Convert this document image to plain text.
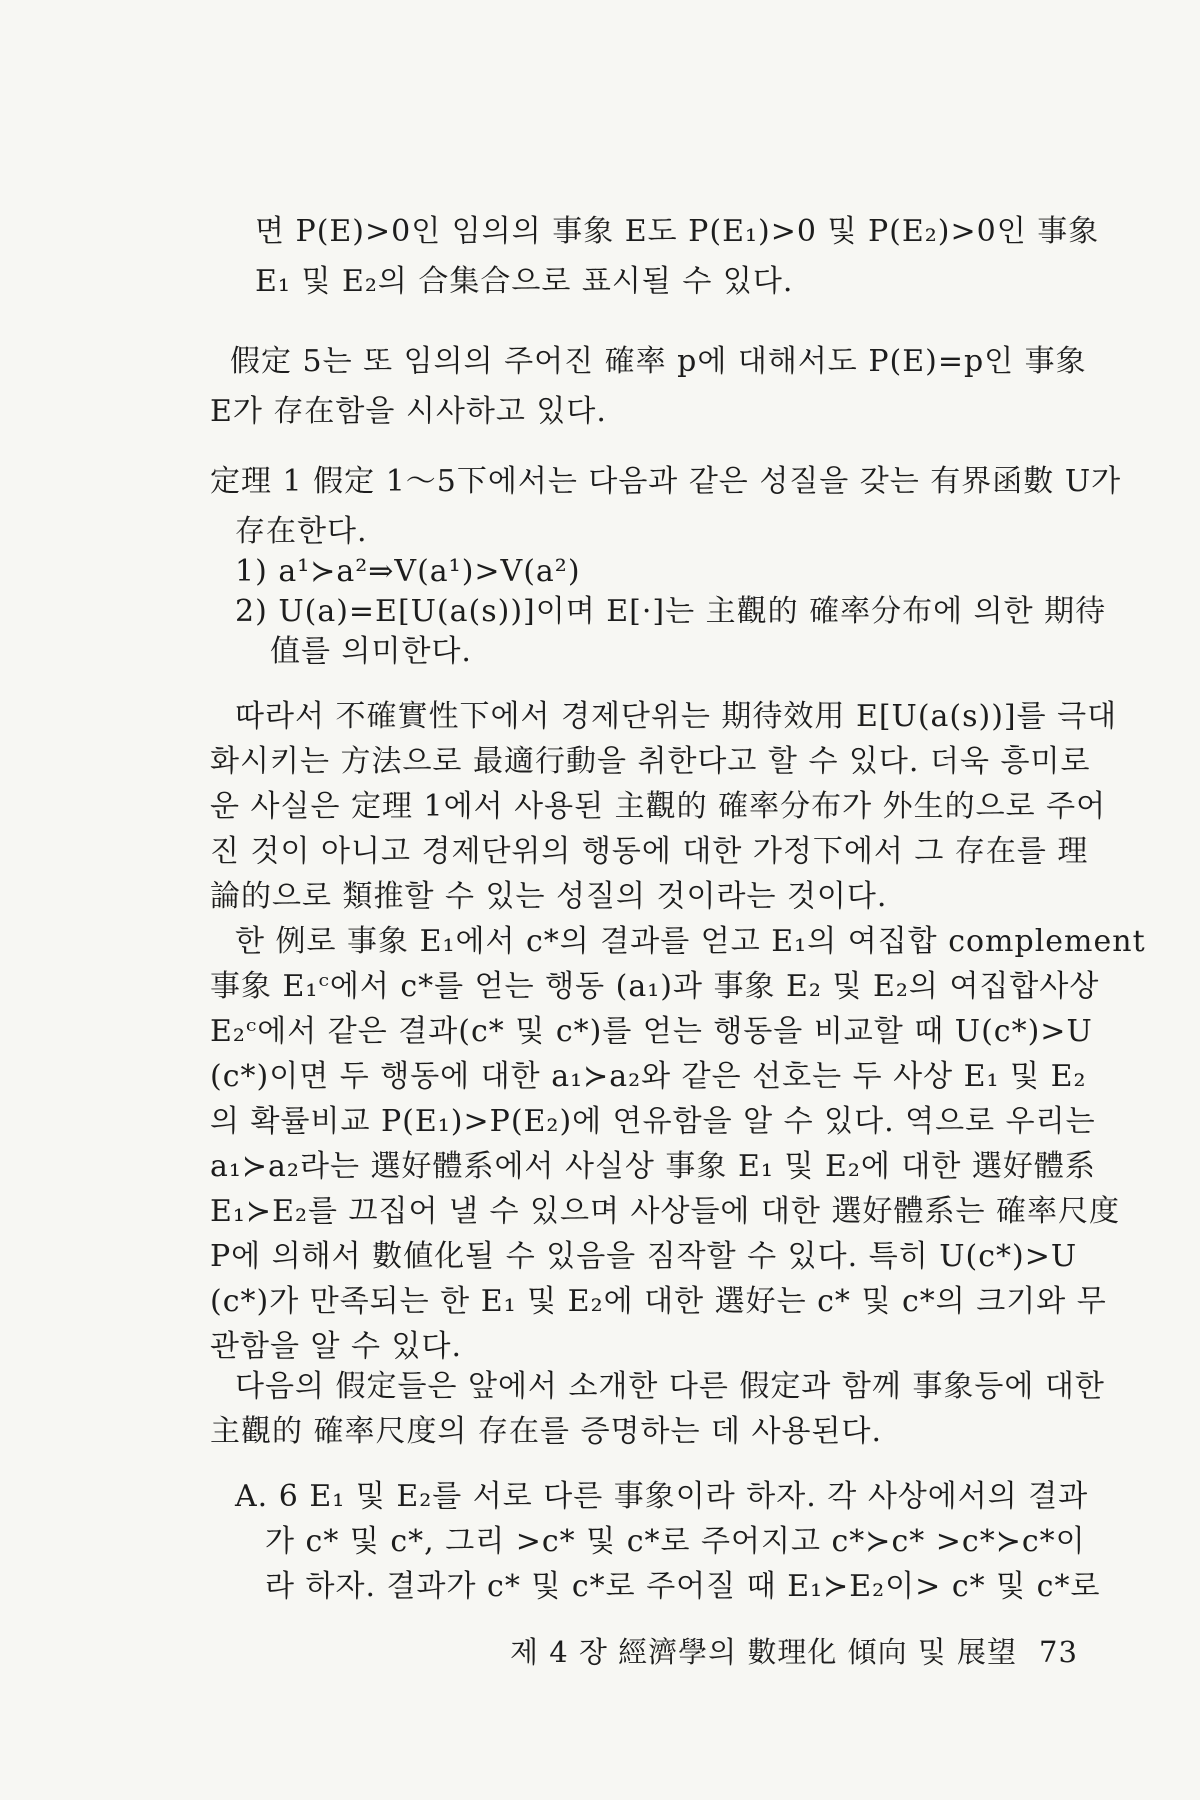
면 P(E)>0인 임의의 事象 E도 P(E₁)>0 및 P(E₂)>0인 事象
E₁ 및 E₂의 合集合으로 표시될 수 있다.
假定 5는 또 임의의 주어진 確率 p에 대해서도 P(E)=p인 事象
E가 存在함을 시사하고 있다.
定理 1 假定 1～5下에서는 다음과 같은 성질을 갖는 有界函數 U가
存在한다.
1) a¹≻a²⇒V(a¹)>V(a²)
2) U(a)=E[U(a(s))]이며 E[·]는 主觀的 確率分布에 의한 期待
值를 의미한다.
따라서 不確實性下에서 경제단위는 期待效用 E[U(a(s))]를 극대
화시키는 方法으로 最適行動을 취한다고 할 수 있다. 더욱 흥미로
운 사실은 定理 1에서 사용된 主觀的 確率分布가 外生的으로 주어
진 것이 아니고 경제단위의 행동에 대한 가정下에서 그 存在를 理
論的으로 類推할 수 있는 성질의 것이라는 것이다.
한 例로 事象 E₁에서 c*의 결과를 얻고 E₁의 여집합 complement
事象 E₁ᶜ에서 c*를 얻는 행동 (a₁)과 事象 E₂ 및 E₂의 여집합사상
E₂ᶜ에서 같은 결과(c* 및 c*)를 얻는 행동을 비교할 때 U(c*)>U
(c*)이면 두 행동에 대한 a₁≻a₂와 같은 선호는 두 사상 E₁ 및 E₂
의 확률비교 P(E₁)>P(E₂)에 연유함을 알 수 있다. 역으로 우리는
a₁≻a₂라는 選好體系에서 사실상 事象 E₁ 및 E₂에 대한 選好體系
E₁≻E₂를 끄집어 낼 수 있으며 사상들에 대한 選好體系는 確率尺度
P에 의해서 數値化될 수 있음을 짐작할 수 있다. 특히 U(c*)>U
(c*)가 만족되는 한 E₁ 및 E₂에 대한 選好는 c* 및 c*의 크기와 무
관함을 알 수 있다.
다음의 假定들은 앞에서 소개한 다른 假定과 함께 事象등에 대한
主觀的 確率尺度의 存在를 증명하는 데 사용된다.
A. 6 E₁ 및 E₂를 서로 다른 事象이라 하자. 각 사상에서의 결과
가 c* 및 c*, 그리 >c* 및 c*로 주어지고 c*≻c* >c*≻c*이
라 하자. 결과가 c* 및 c*로 주어질 때 E₁≻E₂이> c* 및 c*로
제 4 장 經濟學의 數理化 傾向 및 展望 73
